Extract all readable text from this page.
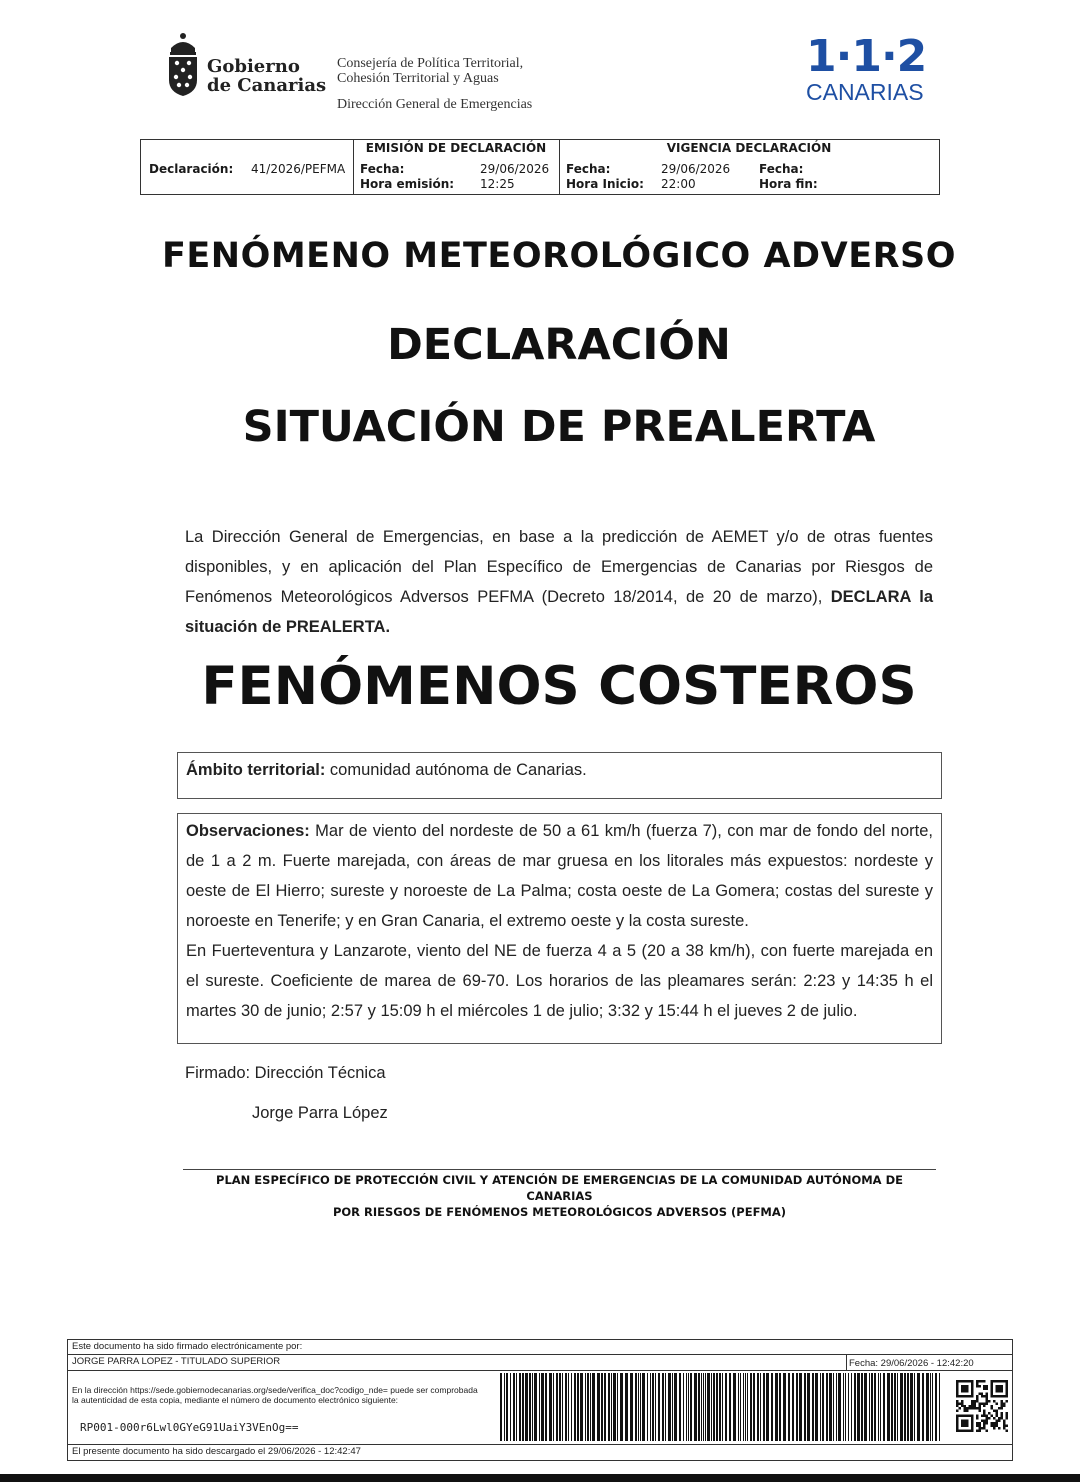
Gobierno
de Canarias
Consejería de Política Territorial,
Cohesión Territorial y Aguas
Dirección General de Emergencias
1·1·2
CANARIAS
Declaración: 41/2026/PEFMA
EMISIÓN DE DECLARACIÓN
Fecha:	29/06/2026
Hora emisión: 12:25
VIGENCIA DECLARACIÓN
Fecha:	29/06/2026
Hora Inicio: 22:00
Fecha:
Hora fin:
FENÓMENO METEOROLÓGICO ADVERSO
DECLARACIÓN
SITUACIÓN DE PREALERTA
La Dirección General de Emergencias, en base a la predicción de AEMET y/o de otras fuentes disponibles, y en aplicación del Plan Específico de Emergencias de Canarias por Riesgos de Fenómenos Meteorológicos Adversos PEFMA (Decreto 18/2014, de 20 de marzo), DECLARA la situación de PREALERTA.
FENÓMENOS COSTEROS
Ámbito territorial: comunidad autónoma de Canarias.
Observaciones: Mar de viento del nordeste de 50 a 61 km/h (fuerza 7), con mar de fondo del norte, de 1 a 2 m. Fuerte marejada, con áreas de mar gruesa en los litorales más expuestos: nordeste y oeste de El Hierro; sureste y noroeste de La Palma; costa oeste de La Gomera; costas del sureste y noroeste en Tenerife; y en Gran Canaria, el extremo oeste y la costa sureste.
En Fuerteventura y Lanzarote, viento del NE de fuerza 4 a 5 (20 a 38 km/h), con fuerte marejada en el sureste. Coeficiente de marea de 69-70. Los horarios de las pleamares serán: 2:23 y 14:35 h el martes 30 de junio; 2:57 y 15:09 h el miércoles 1 de julio; 3:32 y 15:44 h el jueves 2 de julio.
Firmado: Dirección Técnica
Jorge Parra López
PLAN ESPECÍFICO DE PROTECCIÓN CIVIL Y ATENCIÓN DE EMERGENCIAS DE LA COMUNIDAD AUTÓNOMA DE CANARIAS
POR RIESGOS DE FENÓMENOS METEOROLÓGICOS ADVERSOS (PEFMA)
Este documento ha sido firmado electrónicamente por:
JORGE PARRA LOPEZ - TITULADO SUPERIOR	Fecha: 29/06/2026 - 12:42:20
En la dirección https://sede.gobiernodecanarias.org/sede/verifica_doc?codigo_nde= puede ser comprobada la autenticidad de esta copia, mediante el número de documento electrónico siguiente:
RP001-000r6Lwl0GYeG91UaiY3VEnOg==
El presente documento ha sido descargado el 29/06/2026 - 12:42:47
